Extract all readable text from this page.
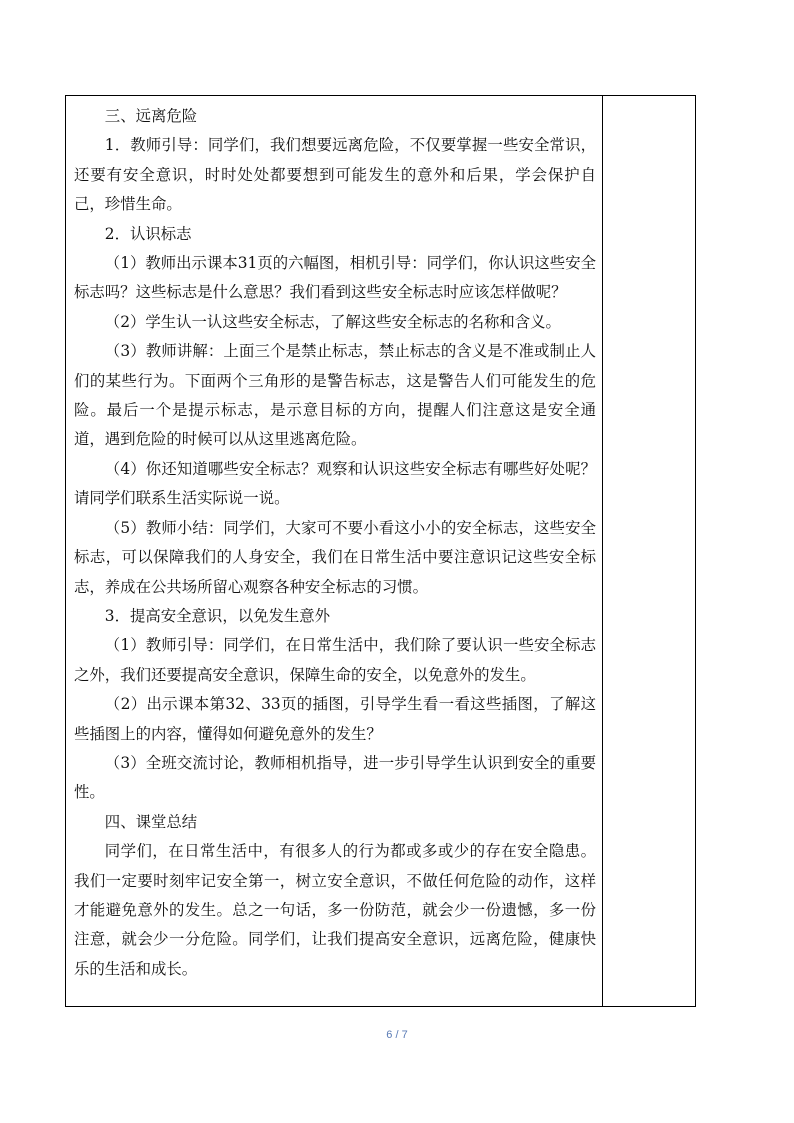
三、远离危险

1．教师引导：同学们，我们想要远离危险，不仅要掌握一些安全常识，还要有安全意识，时时处处都要想到可能发生的意外和后果，学会保护自己，珍惜生命。

2．认识标志

（1）教师出示课本31页的六幅图，相机引导：同学们，你认识这些安全标志吗？这些标志是什么意思？我们看到这些安全标志时应该怎样做呢？

（2）学生认一认这些安全标志，了解这些安全标志的名称和含义。

（3）教师讲解：上面三个是禁止标志，禁止标志的含义是不准或制止人们的某些行为。下面两个三角形的是警告标志，这是警告人们可能发生的危险。最后一个是提示标志，是示意目标的方向，提醒人们注意这是安全通道，遇到危险的时候可以从这里逃离危险。

（4）你还知道哪些安全标志？观察和认识这些安全标志有哪些好处呢？请同学们联系生活实际说一说。

（5）教师小结：同学们，大家可不要小看这小小的安全标志，这些安全标志，可以保障我们的人身安全，我们在日常生活中要注意识记这些安全标志，养成在公共场所留心观察各种安全标志的习惯。

3．提高安全意识，以免发生意外

（1）教师引导：同学们，在日常生活中，我们除了要认识一些安全标志之外，我们还要提高安全意识，保障生命的安全，以免意外的发生。

（2）出示课本第32、33页的插图，引导学生看一看这些插图，了解这些插图上的内容，懂得如何避免意外的发生？

（3）全班交流讨论，教师相机指导，进一步引导学生认识到安全的重要性。

四、课堂总结

同学们，在日常生活中，有很多人的行为都或多或少的存在安全隐患。我们一定要时刻牢记安全第一，树立安全意识，不做任何危险的动作，这样才能避免意外的发生。总之一句话，多一份防范，就会少一份遗憾，多一份注意，就会少一分危险。同学们，让我们提高安全意识，远离危险，健康快乐的生活和成长。

6 / 7
